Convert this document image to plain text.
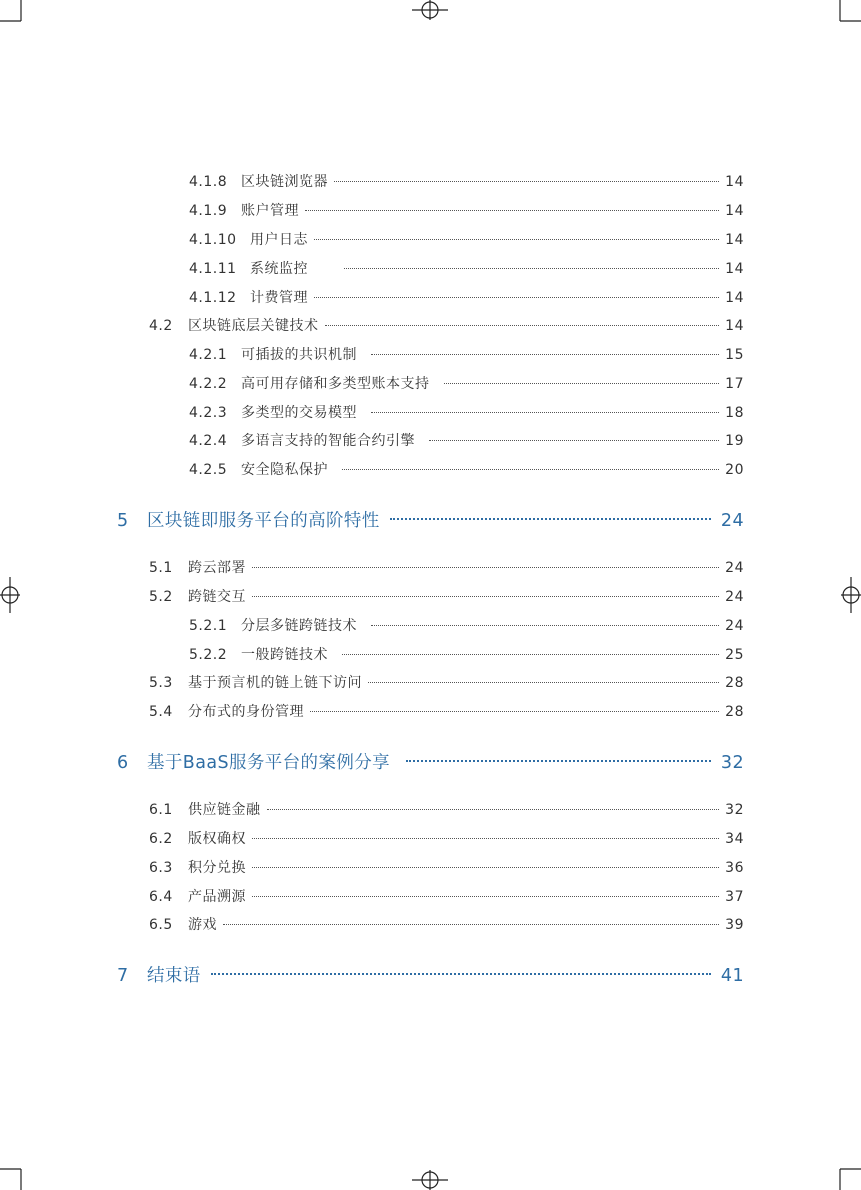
4.1.8 区块链浏览器	14
4.1.9 账户管理	14
4.1.10 用户日志	14
4.1.11 系统监控	14
4.1.12 计费管理	14
4.2	区块链底层关键技术	14
4.2.1 可插拔的共识机制	15
4.2.2 高可用存储和多类型账本支持	17
4.2.3 多类型的交易模型	18
4.2.4 多语言支持的智能合约引擎	19
4.2.5 安全隐私保护	20
5	区块链即服务平台的高阶特性	24
5.1	跨云部署	24
5.2	跨链交互	24
5.2.1 分层多链跨链技术	24
5.2.2 一般跨链技术	25
5.3	基于预言机的链上链下访问	28
5.4	分布式的身份管理	28
6	基于BaaS服务平台的案例分享	32
6.1	供应链金融	32
6.2	版权确权	34
6.3	积分兑换	36
6.4	产品溯源	37
6.5	游戏	39
7	结束语	41
